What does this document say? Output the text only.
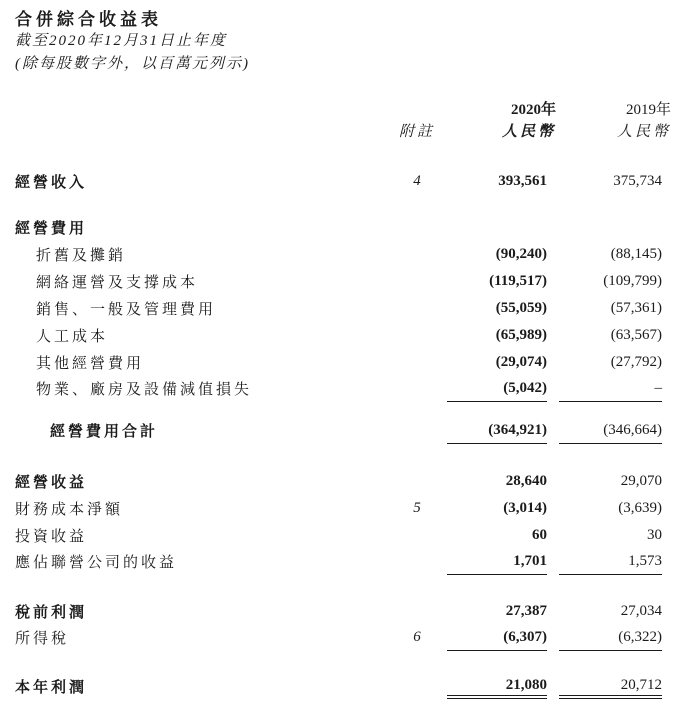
合併綜合收益表
截至2020年12月31日止年度
(除每股數字外，以百萬元列示)
		2020年		2019年	
	附註	人民幣		人民幣	

經營收入	4	393,561		375,734	

經營費用					
折舊及攤銷		(90,240)		(88,145)	
網絡運營及支撐成本		(119,517)		(109,799)	
銷售、一般及管理費用		(55,059)		(57,361)	
人工成本		(65,989)		(63,567)	
其他經營費用		(29,074)		(27,792)	
物業、廠房及設備減值損失		(5,042)		–	

經營費用合計		(364,921)		(346,664)	

經營收益		28,640		29,070	
財務成本淨額	5	(3,014)		(3,639)	
投資收益		60		30	
應佔聯營公司的收益		1,701		1,573	

稅前利潤		27,387		27,034	
所得稅	6	(6,307)		(6,322)	

本年利潤		21,080		20,712	
